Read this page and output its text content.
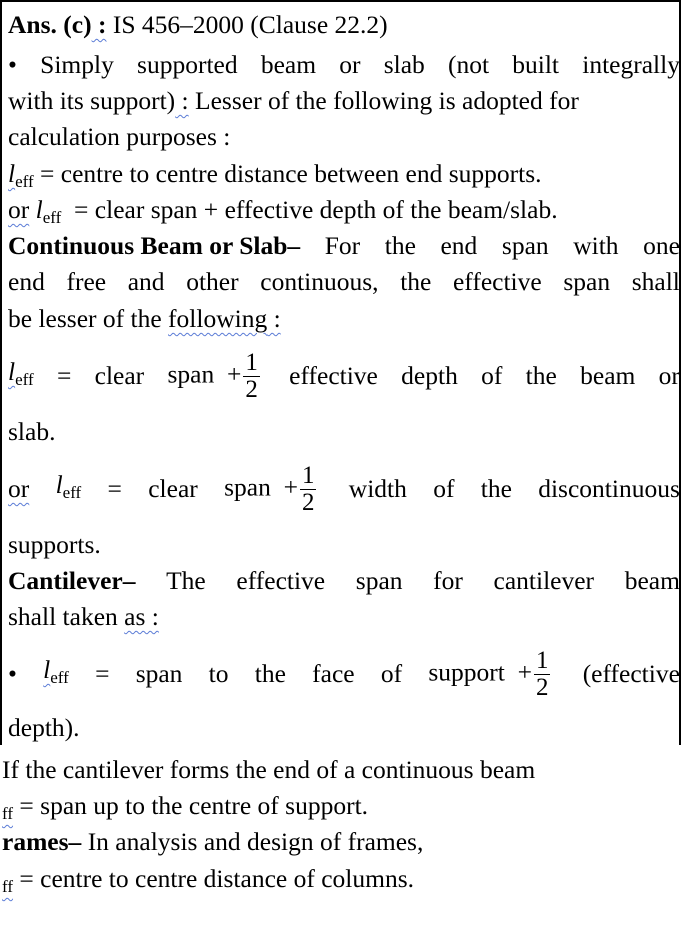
Ans. (c) : IS 456–2000 (Clause 22.2)
• Simply supported beam or slab (not built integrally
with its support) : Lesser of the following is adopted for
calculation purposes :
$l_{eff}$ = centre to centre distance between end supports.
or $l_{eff}$ = clear span + effective depth of the beam/slab.
Continuous Beam or Slab– For the end span with one
end free and other continuous, the effective span shall
be lesser of the following :
$l_{eff}$ = clear span + $\frac{1}{2}$ effective depth of the beam or
slab.
or $l_{eff}$ = clear span + $\frac{1}{2}$ width of the discontinuous
supports.
Cantilever– The effective span for cantilever beam
shall taken as :
• $l_{eff}$ = span to the face of support + $\frac{1}{2}$ (effective
depth).
If the cantilever forms the end of a continuous beam
$_{ff}$ = span up to the centre of support.
rames– In analysis and design of frames,
$_{ff}$ = centre to centre distance of columns.
